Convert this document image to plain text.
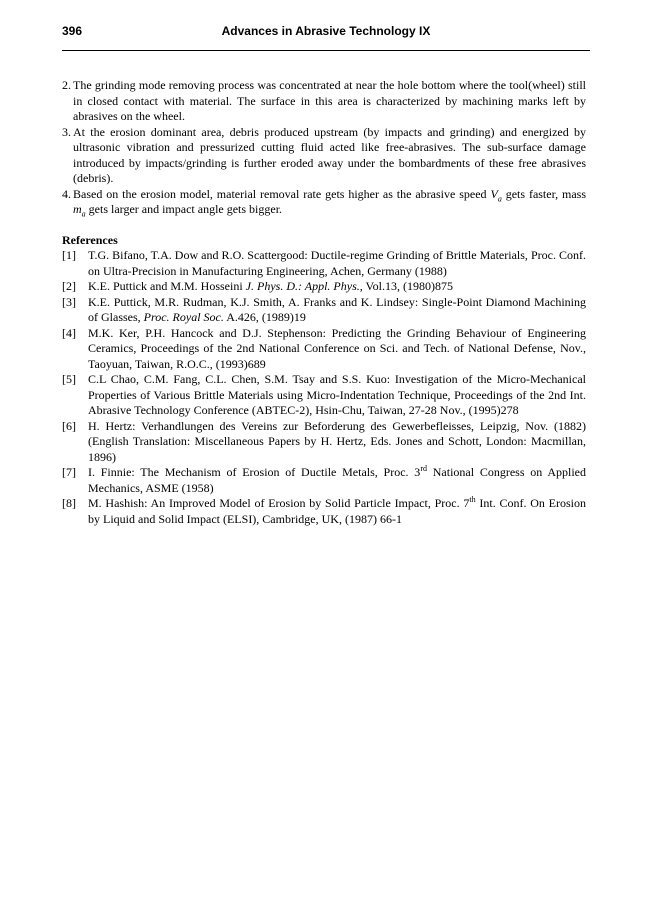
396	Advances in Abrasive Technology IX
2. The grinding mode removing process was concentrated at near the hole bottom where the tool(wheel) still in closed contact with material. The surface in this area is characterized by machining marks left by abrasives on the wheel.
3. At the erosion dominant area, debris produced upstream (by impacts and grinding) and energized by ultrasonic vibration and pressurized cutting fluid acted like free-abrasives. The sub-surface damage introduced by impacts/grinding is further eroded away under the bombardments of these free abrasives (debris).
4. Based on the erosion model, material removal rate gets higher as the abrasive speed $V_a$ gets faster, mass $m_a$ gets larger and impact angle gets bigger.
References
[1] T.G. Bifano, T.A. Dow and R.O. Scattergood: Ductile-regime Grinding of Brittle Materials, Proc. Conf. on Ultra-Precision in Manufacturing Engineering, Achen, Germany (1988)
[2] K.E. Puttick and M.M. Hosseini J. Phys. D.: Appl. Phys., Vol.13, (1980)875
[3] K.E. Puttick, M.R. Rudman, K.J. Smith, A. Franks and K. Lindsey: Single-Point Diamond Machining of Glasses, Proc. Royal Soc. A.426, (1989)19
[4] M.K. Ker, P.H. Hancock and D.J. Stephenson: Predicting the Grinding Behaviour of Engineering Ceramics, Proceedings of the 2nd National Conference on Sci. and Tech. of National Defense, Nov., Taoyuan, Taiwan, R.O.C., (1993)689
[5] C.L Chao, C.M. Fang, C.L. Chen, S.M. Tsay and S.S. Kuo: Investigation of the Micro-Mechanical Properties of Various Brittle Materials using Micro-Indentation Technique, Proceedings of the 2nd Int. Abrasive Technology Conference (ABTEC-2), Hsin-Chu, Taiwan, 27-28 Nov., (1995)278
[6] H. Hertz: Verhandlungen des Vereins zur Beforderung des Gewerbefleisses, Leipzig, Nov. (1882) (English Translation: Miscellaneous Papers by H. Hertz, Eds. Jones and Schott, London: Macmillan, 1896)
[7] I. Finnie: The Mechanism of Erosion of Ductile Metals, Proc. 3rd National Congress on Applied Mechanics, ASME (1958)
[8] M. Hashish: An Improved Model of Erosion by Solid Particle Impact, Proc. 7th Int. Conf. On Erosion by Liquid and Solid Impact (ELSI), Cambridge, UK, (1987) 66-1
